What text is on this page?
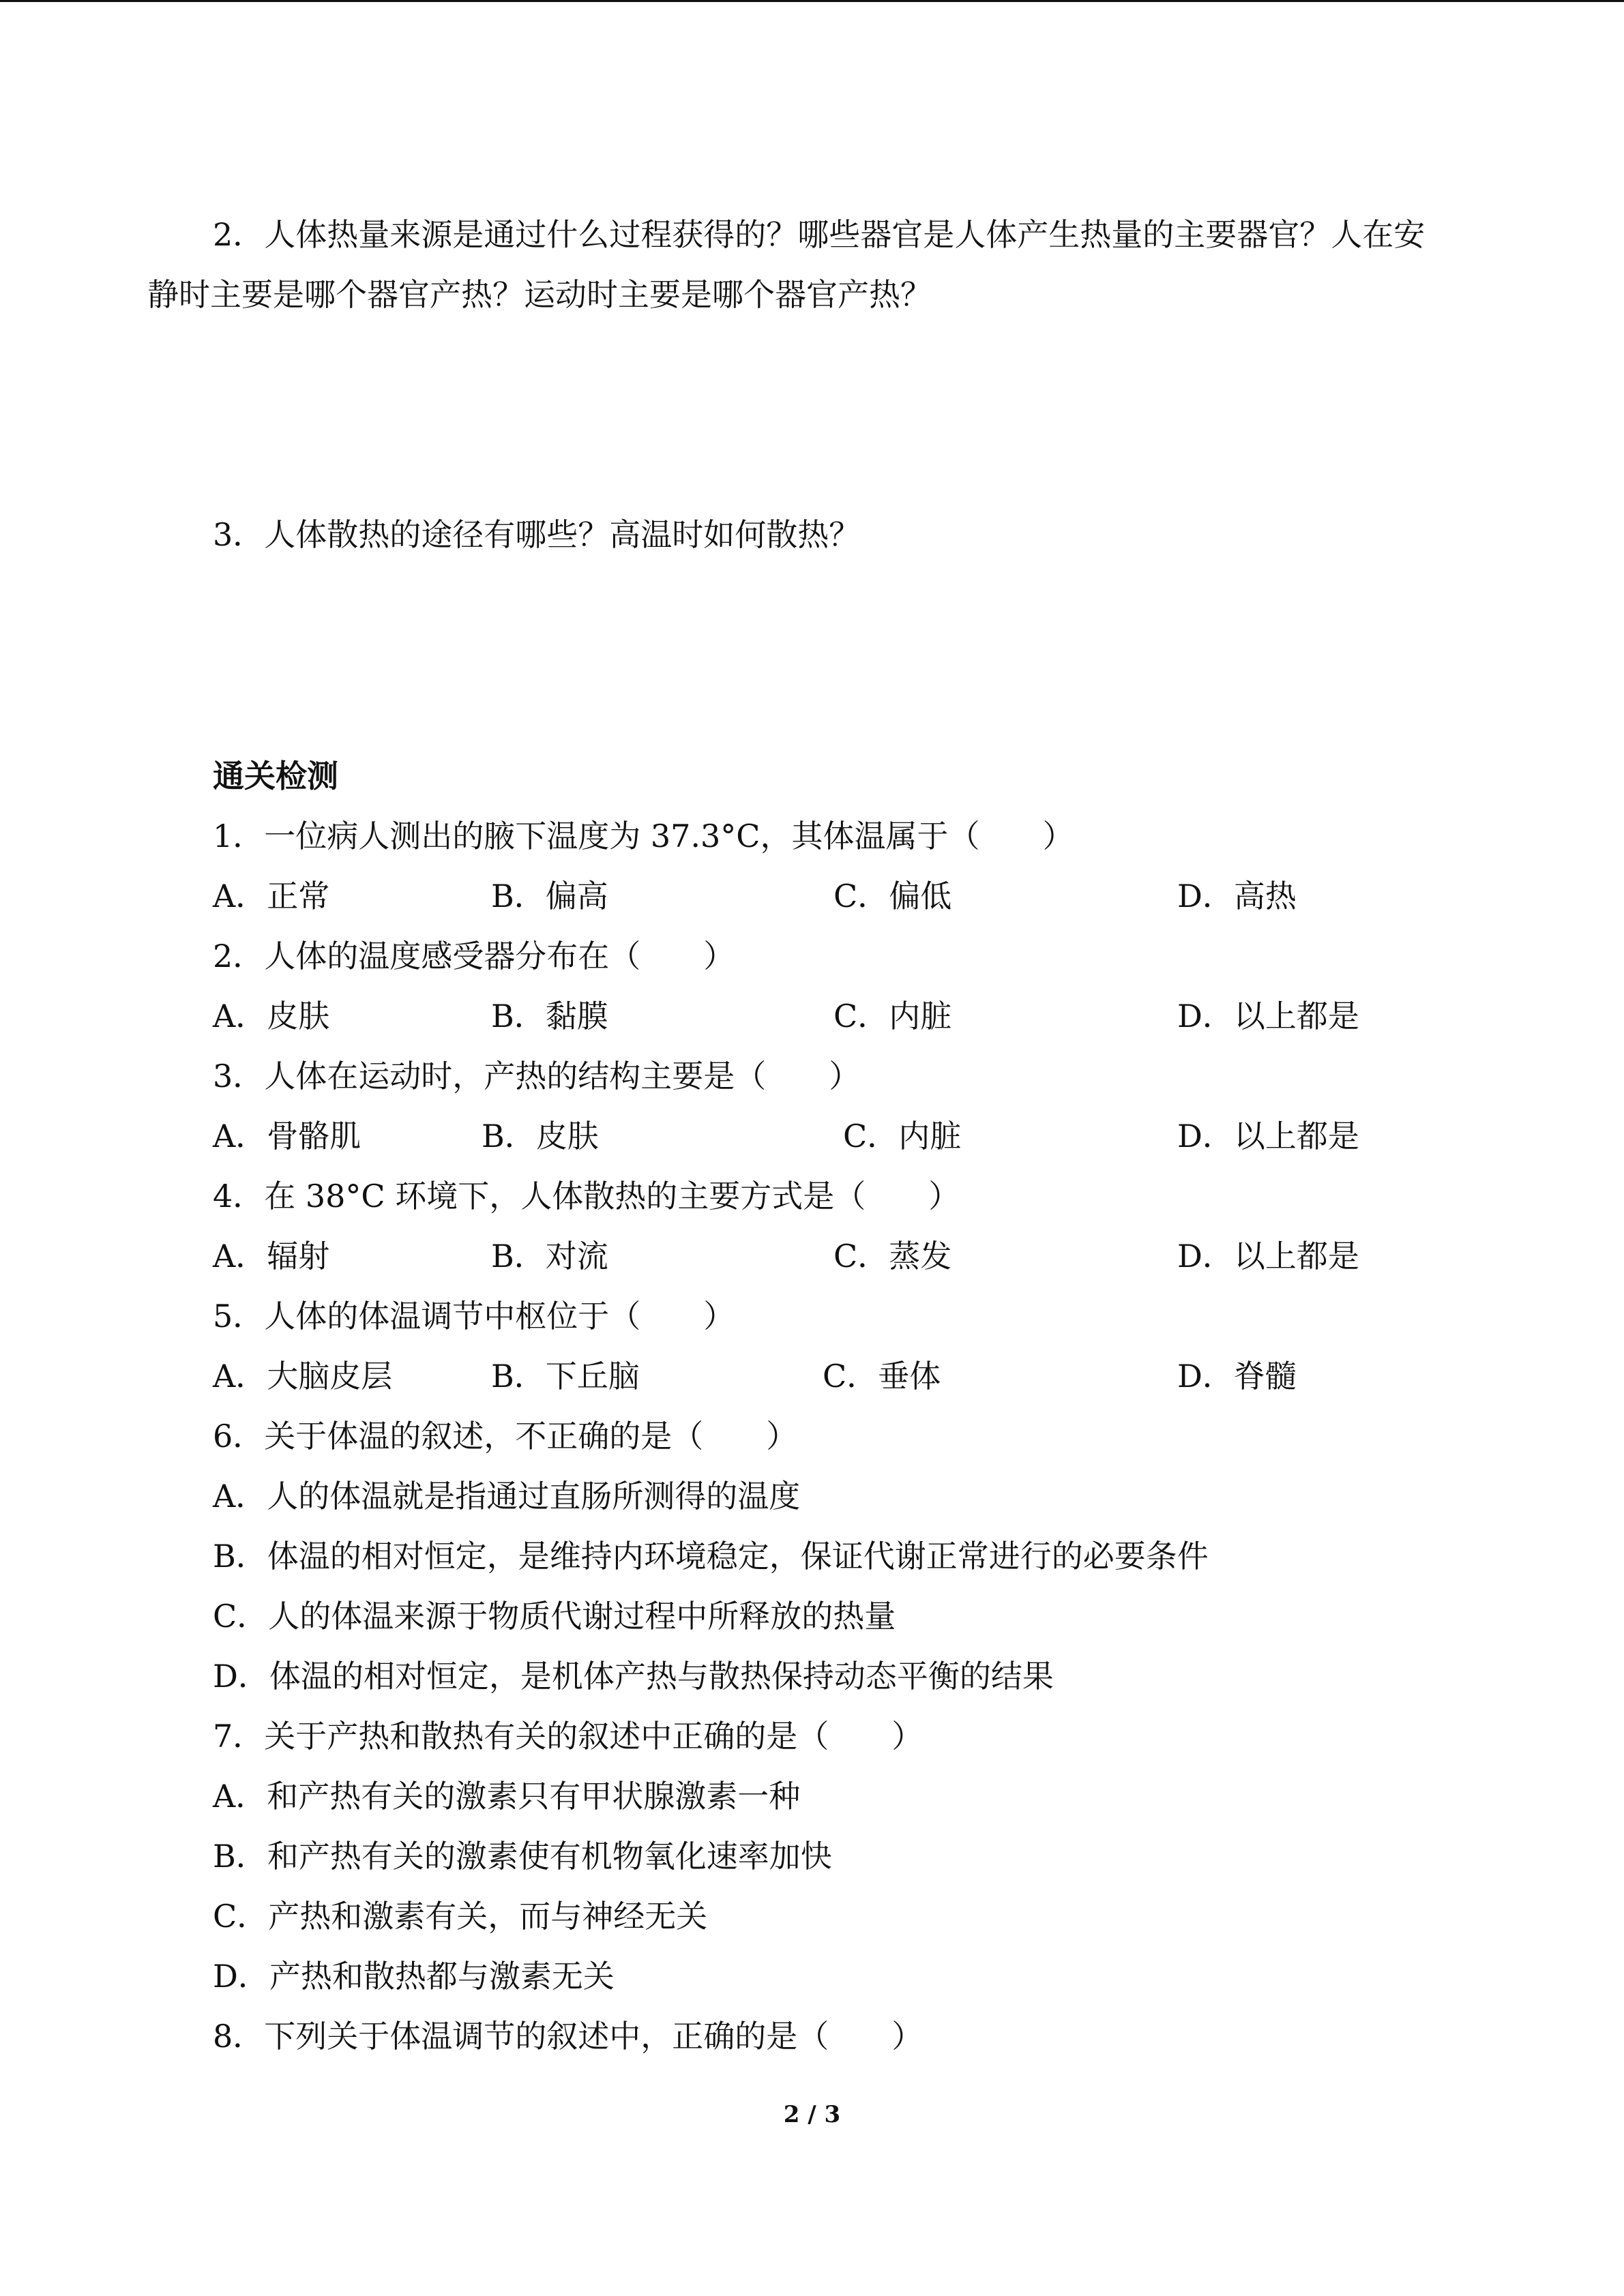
2．人体热量来源是通过什么过程获得的？哪些器官是人体产生热量的主要器官？人在安
静时主要是哪个器官产热？运动时主要是哪个器官产热？
3．人体散热的途径有哪些？高温时如何散热？
通关检测
1．一位病人测出的腋下温度为 37.3°C，其体温属于（　　）
A．正常	B．偏高	C．偏低	D．高热
2．人体的温度感受器分布在（　　）
A．皮肤	B．黏膜	C．内脏	D．以上都是
3．人体在运动时，产热的结构主要是（　　）
A．骨骼肌	B．皮肤	C．内脏	D．以上都是
4．在 38°C 环境下，人体散热的主要方式是（　　）
A．辐射	B．对流	C．蒸发	D．以上都是
5．人体的体温调节中枢位于（　　）
A．大脑皮层	B．下丘脑	C．垂体	D．脊髓
6．关于体温的叙述，不正确的是（　　）
A．人的体温就是指通过直肠所测得的温度
B．体温的相对恒定，是维持内环境稳定，保证代谢正常进行的必要条件
C．人的体温来源于物质代谢过程中所释放的热量
D．体温的相对恒定，是机体产热与散热保持动态平衡的结果
7．关于产热和散热有关的叙述中正确的是（　　）
A．和产热有关的激素只有甲状腺激素一种
B．和产热有关的激素使有机物氧化速率加快
C．产热和激素有关，而与神经无关
D．产热和散热都与激素无关
8．下列关于体温调节的叙述中，正确的是（　　）
2 / 3
